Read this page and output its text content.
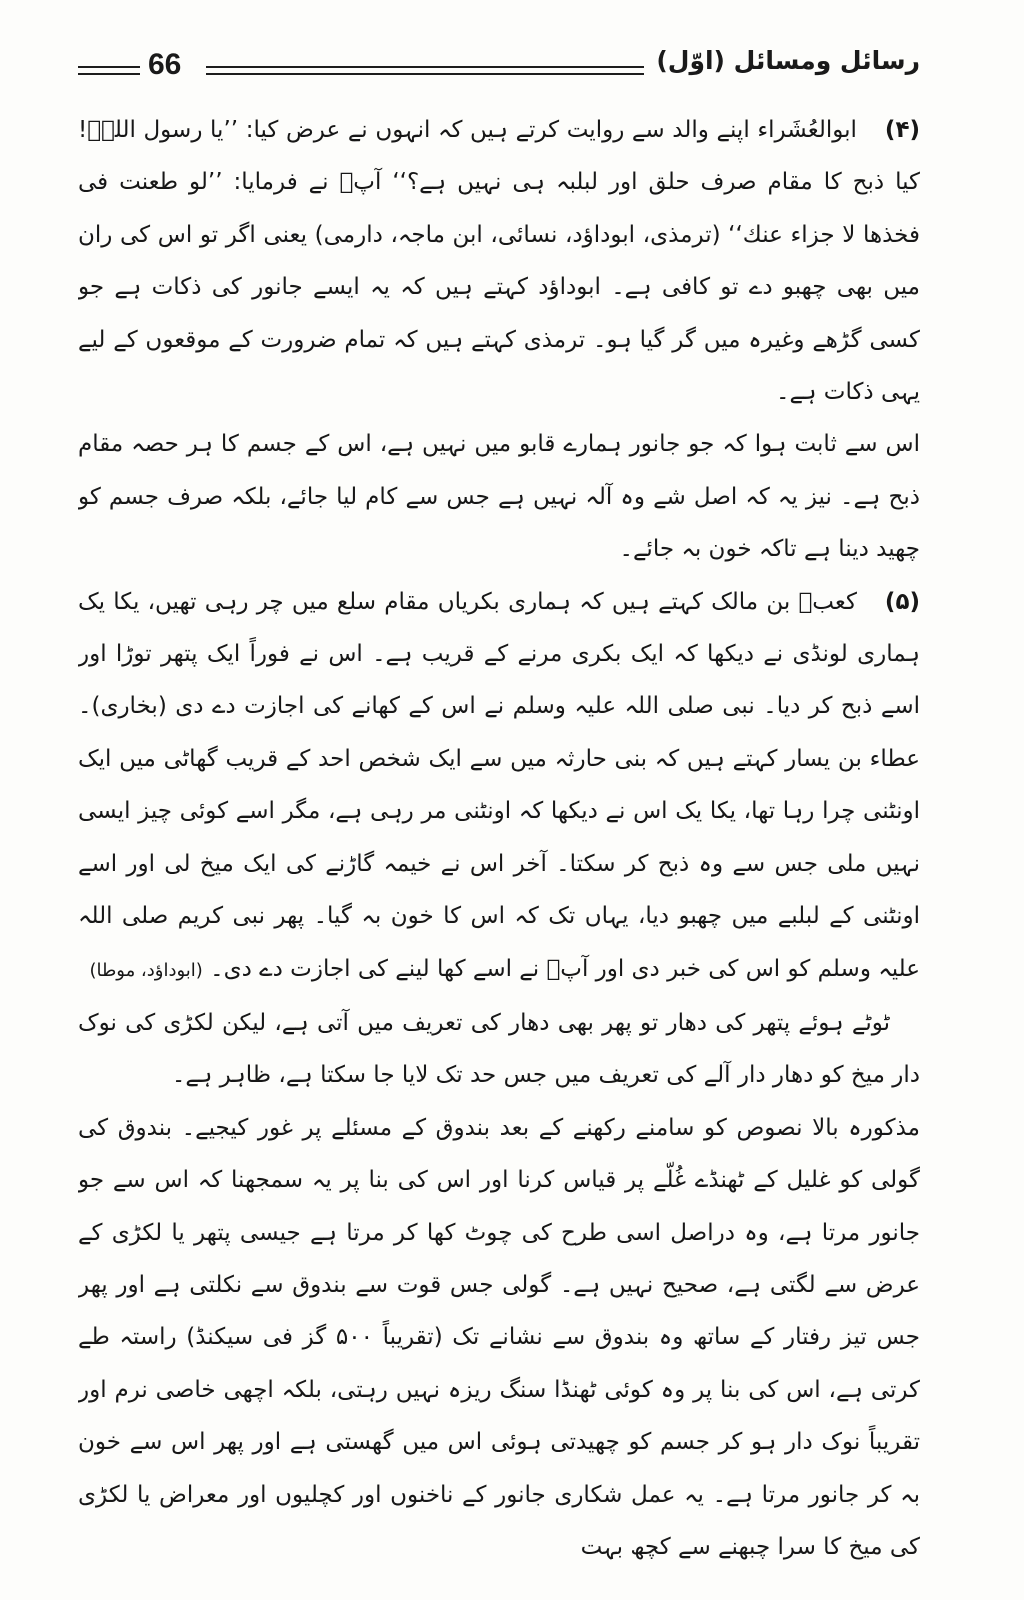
66	رسائل ومسائل (اوّل)

(۴)ابوالعُشَراء اپنے والد سے روایت کرتے ہیں کہ انہوں نے عرض کیا: ’’یا رسول اللہؐ! کیا ذبح کا مقام صرف حلق اور لبلبہ ہی نہیں ہے؟‘‘ آپؐ نے فرمایا: ’’لو طعنت فی فخذھا لا جزاء عنك‘‘ (ترمذی، ابوداؤد، نسائی، ابن ماجہ، دارمی) یعنی اگر تو اس کی ران میں بھی چھبو دے تو کافی ہے۔ ابوداؤد کہتے ہیں کہ یہ ایسے جانور کی ذکات ہے جو کسی گڑھے وغیرہ میں گر گیا ہو۔ ترمذی کہتے ہیں کہ تمام ضرورت کے موقعوں کے لیے یہی ذکات ہے۔

اس سے ثابت ہوا کہ جو جانور ہمارے قابو میں نہیں ہے، اس کے جسم کا ہر حصہ مقام ذبح ہے۔ نیز یہ کہ اصل شے وہ آلہ نہیں ہے جس سے کام لیا جائے، بلکہ صرف جسم کو چھید دینا ہے تاکہ خون بہ جائے۔

(۵)کعبؓ بن مالک کہتے ہیں کہ ہماری بکریاں مقام سلع میں چر رہی تھیں، یکا یک ہماری لونڈی نے دیکھا کہ ایک بکری مرنے کے قریب ہے۔ اس نے فوراً ایک پتھر توڑا اور اسے ذبح کر دیا۔ نبی صلی اللہ علیہ وسلم نے اس کے کھانے کی اجازت دے دی (بخاری)۔ عطاء بن یسار کہتے ہیں کہ بنی حارثہ میں سے ایک شخص احد کے قریب گھاٹی میں ایک اونٹنی چرا رہا تھا، یکا یک اس نے دیکھا کہ اونٹنی مر رہی ہے، مگر اسے کوئی چیز ایسی نہیں ملی جس سے وہ ذبح کر سکتا۔ آخر اس نے خیمہ گاڑنے کی ایک میخ لی اور اسے اونٹنی کے لبلبے میں چھبو دیا، یہاں تک کہ اس کا خون بہ گیا۔ پھر نبی کریم صلی اللہ علیہ وسلم کو اس کی خبر دی اور آپؐ نے اسے کھا لینے کی اجازت دے دی۔ (ابوداؤد، موطا)

ٹوٹے ہوئے پتھر کی دھار تو پھر بھی دھار کی تعریف میں آتی ہے، لیکن لکڑی کی نوک دار میخ کو دھار دار آلے کی تعریف میں جس حد تک لایا جا سکتا ہے، ظاہر ہے۔

مذکورہ بالا نصوص کو سامنے رکھنے کے بعد بندوق کے مسئلے پر غور کیجیے۔ بندوق کی گولی کو غلیل کے ٹھنڈے غُلّے پر قیاس کرنا اور اس کی بنا پر یہ سمجھنا کہ اس سے جو جانور مرتا ہے، وہ دراصل اسی طرح کی چوٹ کھا کر مرتا ہے جیسی پتھر یا لکڑی کے عرض سے لگتی ہے، صحیح نہیں ہے۔ گولی جس قوت سے بندوق سے نکلتی ہے اور پھر جس تیز رفتار کے ساتھ وہ بندوق سے نشانے تک (تقریباً ۵۰۰ گز فی سیکنڈ) راستہ طے کرتی ہے، اس کی بنا پر وہ کوئی ٹھنڈا سنگ ریزہ نہیں رہتی، بلکہ اچھی خاصی نرم اور تقریباً نوک دار ہو کر جسم کو چھیدتی ہوئی اس میں گھستی ہے اور پھر اس سے خون بہ کر جانور مرتا ہے۔ یہ عمل شکاری جانور کے ناخنوں اور کچلیوں اور معراض یا لکڑی کی میخ کا سرا چبھنے سے کچھ بہت
